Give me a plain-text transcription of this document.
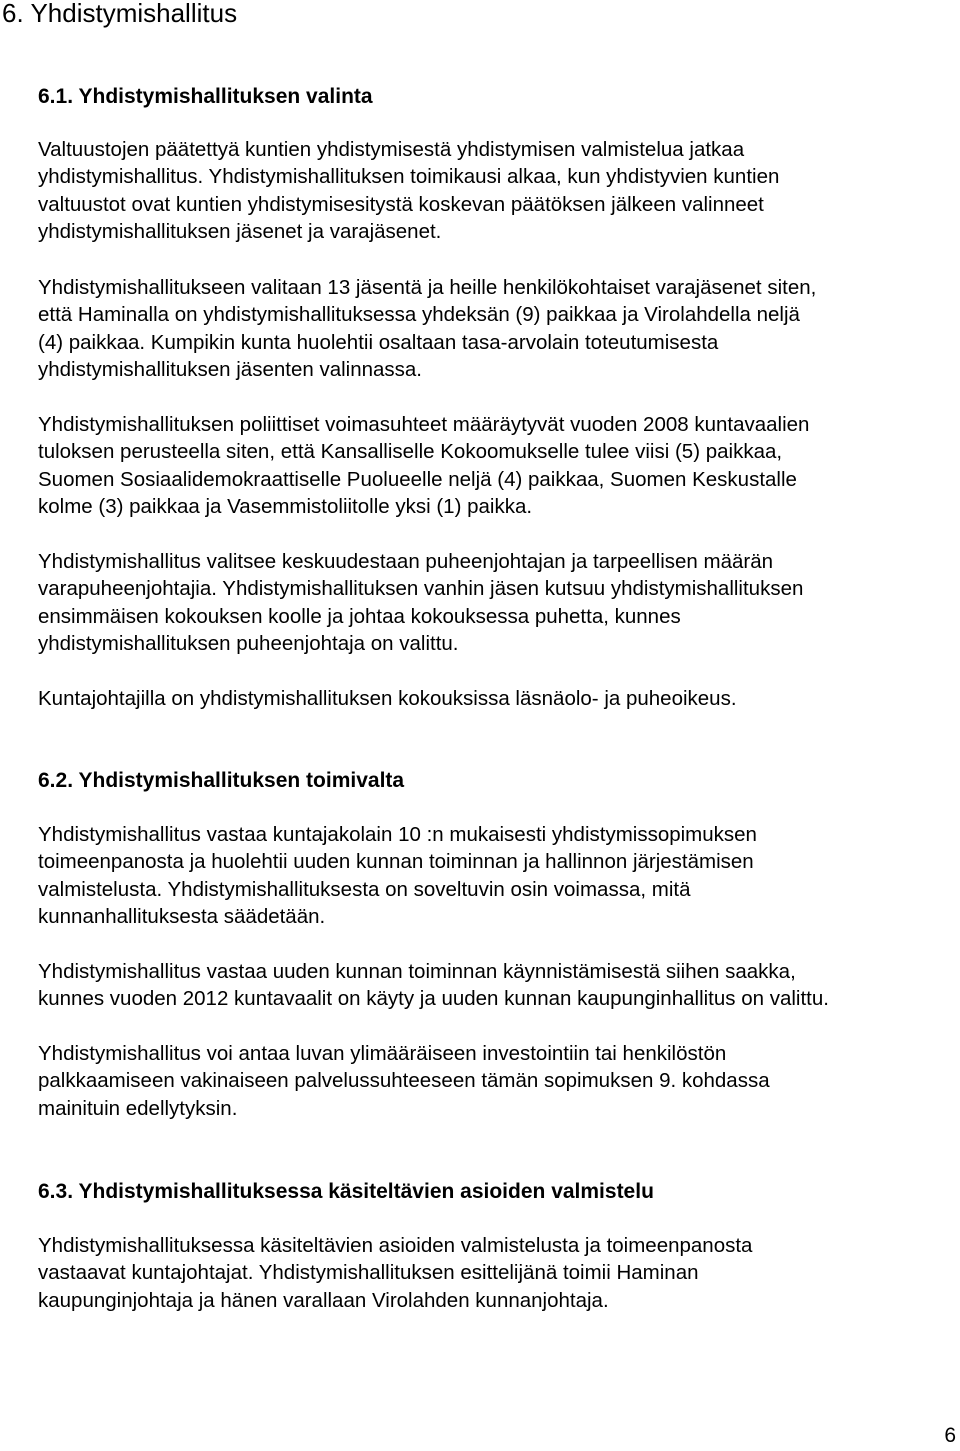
6. Yhdistymishallitus
6.1. Yhdistymishallituksen valinta
Valtuustojen päätettyä kuntien yhdistymisestä yhdistymisen valmistelua jatkaa
yhdistymishallitus. Yhdistymishallituksen toimikausi alkaa, kun yhdistyvien kuntien
valtuustot ovat kuntien yhdistymisesitystä koskevan päätöksen jälkeen valinneet
yhdistymishallituksen jäsenet ja varajäsenet.
Yhdistymishallitukseen valitaan 13 jäsentä ja heille henkilökohtaiset varajäsenet siten,
että Haminalla on yhdistymishallituksessa yhdeksän (9) paikkaa ja Virolahdella neljä
(4) paikkaa. Kumpikin kunta huolehtii osaltaan tasa-arvolain toteutumisesta
yhdistymishallituksen jäsenten valinnassa.
Yhdistymishallituksen poliittiset voimasuhteet määräytyvät vuoden 2008 kuntavaalien
tuloksen perusteella siten, että Kansalliselle Kokoomukselle tulee viisi (5) paikkaa,
Suomen Sosiaalidemokraattiselle Puolueelle neljä (4) paikkaa, Suomen Keskustalle
kolme (3) paikkaa ja Vasemmistoliitolle yksi (1) paikka.
Yhdistymishallitus valitsee keskuudestaan puheenjohtajan ja tarpeellisen määrän
varapuheenjohtajia. Yhdistymishallituksen vanhin jäsen kutsuu yhdistymishallituksen
ensimmäisen kokouksen koolle ja johtaa kokouksessa puhetta, kunnes
yhdistymishallituksen puheenjohtaja on valittu.
Kuntajohtajilla on yhdistymishallituksen kokouksissa läsnäolo- ja puheoikeus.
6.2. Yhdistymishallituksen toimivalta
Yhdistymishallitus vastaa kuntajakolain 10 :n mukaisesti yhdistymissopimuksen
toimeenpanosta ja huolehtii uuden kunnan toiminnan ja hallinnon järjestämisen
valmistelusta. Yhdistymishallituksesta on soveltuvin osin voimassa, mitä
kunnanhallituksesta säädetään.
Yhdistymishallitus vastaa uuden kunnan toiminnan käynnistämisestä siihen saakka,
kunnes vuoden 2012 kuntavaalit on käyty ja uuden kunnan kaupunginhallitus on valittu.
Yhdistymishallitus voi antaa luvan ylimääräiseen investointiin tai henkilöstön
palkkaamiseen vakinaiseen palvelussuhteeseen tämän sopimuksen 9. kohdassa
mainituin edellytyksin.
6.3. Yhdistymishallituksessa käsiteltävien asioiden valmistelu
Yhdistymishallituksessa käsiteltävien asioiden valmistelusta ja toimeenpanosta
vastaavat kuntajohtajat. Yhdistymishallituksen esittelijänä toimii Haminan
kaupunginjohtaja ja hänen varallaan Virolahden kunnanjohtaja.
6
